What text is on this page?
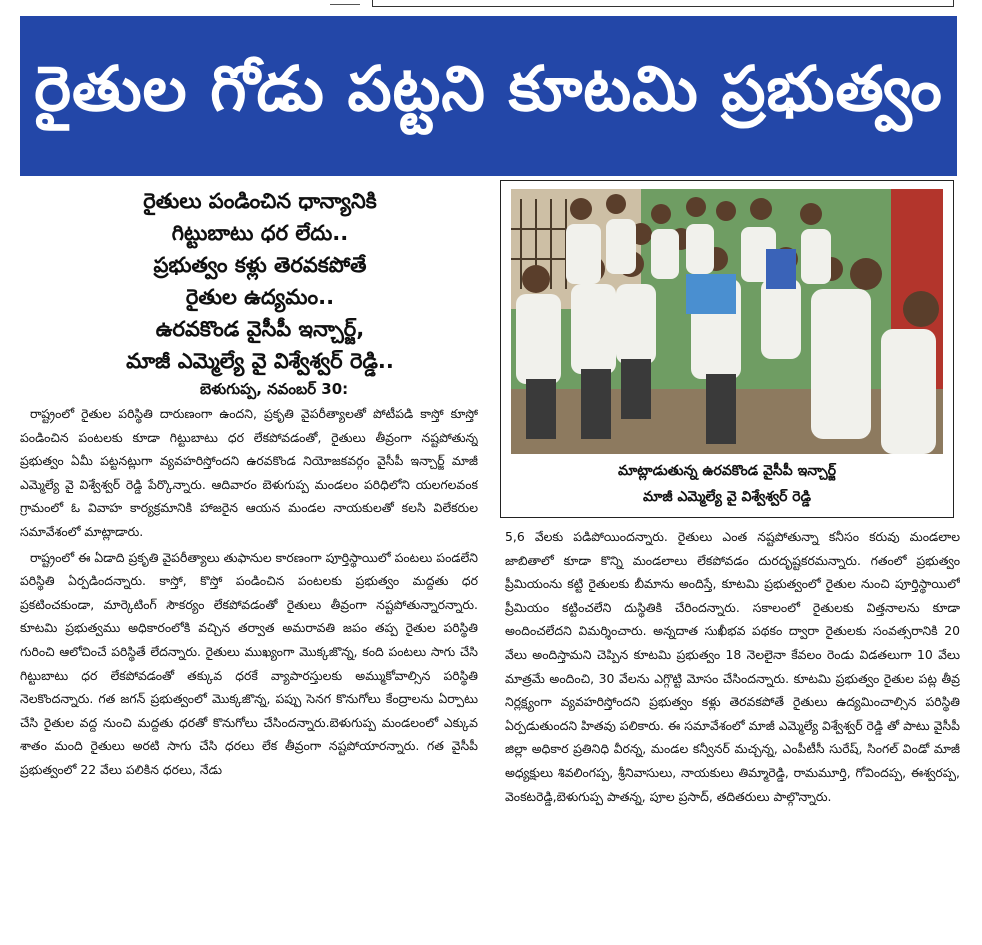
రైతుల గోడు పట్టని కూటమి ప్రభుత్వం
రైతులు పండించిన ధాన్యానికి
గిట్టుబాటు ధర లేదు..
ప్రభుత్వం కళ్లు తెరవకపోతే
రైతుల ఉద్యమం..
ఉరవకొండ వైసీపీ ఇన్చార్జ్,
మాజీ ఎమ్మెల్యే వై విశ్వేశ్వర్ రెడ్డి..
బెళుగుప్ప, నవంబర్ 30:

రాష్ట్రంలో రైతుల పరిస్థితి దారుణంగా ఉందని, ప్రకృతి వైపరీత్యాలతో పోటీపడి కాస్తో కూస్తో పండించిన పంటలకు కూడా గిట్టుబాటు ధర లేకపోవడంతో, రైతులు తీవ్రంగా నష్టపోతున్న ప్రభుత్వం ఏమీ పట్టనట్లుగా వ్యవహరిస్తోందని ఉరవకొండ నియోజకవర్గం వైసీపీ ఇన్చార్జ్ మాజీ ఎమ్మెల్యే వై విశ్వేశ్వర్ రెడ్డి పేర్కొన్నారు. ఆదివారం బెళుగుప్ప మండలం పరిధిలోని యలగలవంక గ్రామంలో ఓ వివాహ కార్యక్రమానికి హాజరైన ఆయన మండల నాయకులతో కలసి విలేకరుల సమావేశంలో మాట్లాడారు.

రాష్ట్రంలో ఈ ఏడాది ప్రకృతి వైపరీత్యాలు తుఫానుల కారణంగా పూర్తిస్థాయిలో పంటలు పండలేని పరిస్థితి ఏర్పడిందన్నారు. కాస్తో, కొస్తో పండించిన పంటలకు ప్రభుత్వం మద్దతు ధర ప్రకటించకుండా, మార్కెటింగ్ సౌకర్యం లేకపోవడంతో రైతులు తీవ్రంగా నష్టపోతున్నారన్నారు. కూటమి ప్రభుత్వము అధికారంలోకి వచ్చిన తర్వాత అమరావతి జపం తప్ప రైతుల పరిస్థితి గురించి ఆలోచించే పరిస్థితే లేదన్నారు. రైతులు ముఖ్యంగా మొక్కజొన్న, కంది పంటలు సాగు చేసి గిట్టుబాటు ధర లేకపోవడంతో తక్కువ ధరకే వ్యాపారస్తులకు అమ్ముకోవాల్సిన పరిస్థితి నెలకొందన్నారు. గత జగన్ ప్రభుత్వంలో మొక్కజొన్న, పప్పు సెనగ కొనుగోలు కేంద్రాలను ఏర్పాటు చేసి రైతుల వద్ద నుంచి మద్దతు ధరతో కొనుగోలు చేసిందన్నారు.బెళుగుప్ప మండలంలో ఎక్కువ శాతం మంది రైతులు అరటి సాగు చేసి ధరలు లేక తీవ్రంగా నష్టపోయారన్నారు. గత వైసీపీ ప్రభుత్వంలో 22 వేలు పలికిన ధరలు, నేడు

మాట్లాడుతున్న ఉరవకొండ వైసీపీ ఇన్చార్జ్
మాజీ ఎమ్మెల్యే వై విశ్వేశ్వర్ రెడ్డి

5,6 వేలకు పడిపోయిందన్నారు. రైతులు ఎంత నష్టపోతున్నా కనీసం కరువు మండలాల జాబితాలో కూడా కొన్ని మండలాలు లేకపోవడం దురదృష్టకరమన్నారు. గతంలో ప్రభుత్వం ప్రీమియంను కట్టి రైతులకు బీమాను అందిస్తే, కూటమి ప్రభుత్వంలో రైతుల నుంచి పూర్తిస్థాయిలో ప్రీమియం కట్టించలేని దుస్థితికి చేరిందన్నారు. సకాలంలో రైతులకు విత్తనాలను కూడా అందించలేదని విమర్శించారు. అన్నదాత సుఖీభవ పథకం ద్వారా రైతులకు సంవత్సరానికి 20 వేలు అందిస్తామని చెప్పిన కూటమి ప్రభుత్వం 18 నెలలైనా కేవలం రెండు విడతలుగా 10 వేలు మాత్రమే అందించి, 30 వేలను ఎగ్గొట్టి మోసం చేసిందన్నారు. కూటమి ప్రభుత్వం రైతుల పట్ల తీవ్ర నిర్లక్ష్యంగా వ్యవహరిస్తోందని ప్రభుత్వం కళ్లు తెరవకపోతే రైతులు ఉద్యమించాల్సిన పరిస్థితి ఏర్పడుతుందని హితవు పలికారు. ఈ సమావేశంలో మాజీ ఎమ్మెల్యే విశ్వేశ్వర్ రెడ్డి తో పాటు వైసీపీ జిల్లా అధికార ప్రతినిధి వీరన్న, మండల కన్వీనర్ మచ్చన్న, ఎంపీటీసీ సురేష్, సింగల్ విండో మాజీ అధ్యక్షులు శివలింగప్ప, శ్రీనివాసులు, నాయకులు తిమ్మారెడ్డి, రామమూర్తి, గోవిందప్ప, ఈశ్వరప్ప, వెంకటరెడ్డి,బెళుగుప్ప పాతన్న, పూల ప్రసాద్, తదితరులు పాల్గొన్నారు.
